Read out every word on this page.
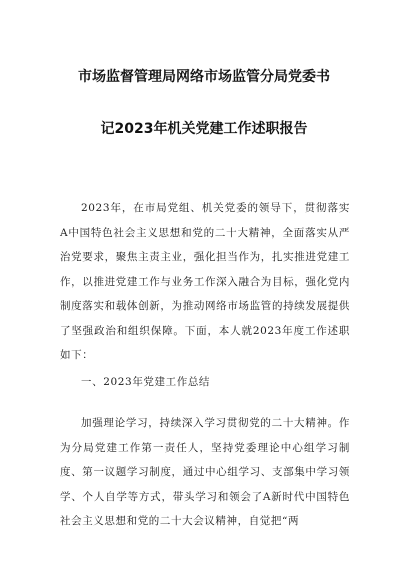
市场监督管理局网络市场监管分局党委书
记2023年机关党建工作述职报告

2023年，在市局党组、机关党委的领导下，贯彻落实A中国特色社会主义思想和党的二十大精神，全面落实从严治党要求，聚焦主责主业，强化担当作为，扎实推进党建工作，以推进党建工作与业务工作深入融合为目标，强化党内制度落实和载体创新，为推动网络市场监管的持续发展提供了坚强政治和组织保障。下面，本人就2023年度工作述职如下：

一、2023年党建工作总结

加强理论学习，持续深入学习贯彻党的二十大精神。作为分局党建工作第一责任人，坚持党委理论中心组学习制度、第一议题学习制度，通过中心组学习、支部集中学习领学、个人自学等方式，带头学习和领会了A新时代中国特色社会主义思想和党的二十大会议精神，自觉把“两
